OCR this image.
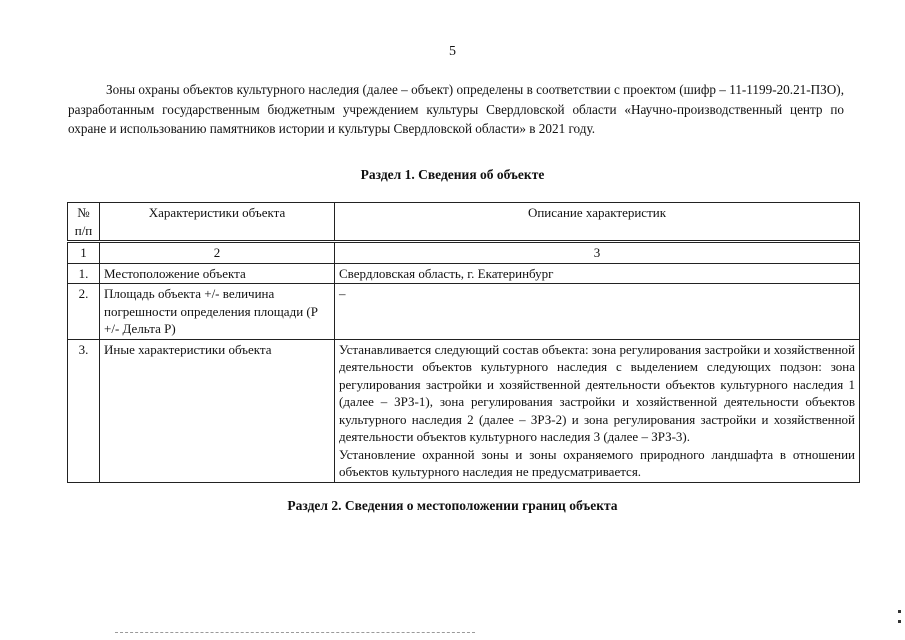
5

Зоны охраны объектов культурного наследия (далее – объект) определены в соответствии с проектом (шифр – 11-1199-20.21-ПЗО), разработанным государственным бюджетным учреждением культуры Свердловской области «Научно-производственный центр по охране и использованию памятников истории и культуры Свердловской области» в 2021 году.

Раздел 1. Сведения об объекте
№ п/п	Характеристики объекта	Описание характеристик
1	2	3
1.	Местоположение объекта	Свердловская область, г. Екатеринбург
2.	Площадь объекта +/- величина погрешности определения площади (Р +/- Дельта Р)	–
3.	Иные характеристики объекта	Устанавливается следующий состав объекта: зона регулирования застройки и хозяйственной деятельности объектов культурного наследия с выделением следующих подзон: зона регулирования застройки и хозяйственной деятельности объектов культурного наследия 1 (далее – ЗРЗ-1), зона регулирования застройки и хозяйственной деятельности объектов культурного наследия 2 (далее – ЗРЗ-2) и зона регулирования застройки и хозяйственной деятельности объектов культурного наследия 3 (далее – ЗРЗ-3).

Установление охранной зоны и зоны охраняемого природного ландшафта в отношении объектов культурного наследия не предусматривается.

Раздел 2. Сведения о местоположении границ объекта
